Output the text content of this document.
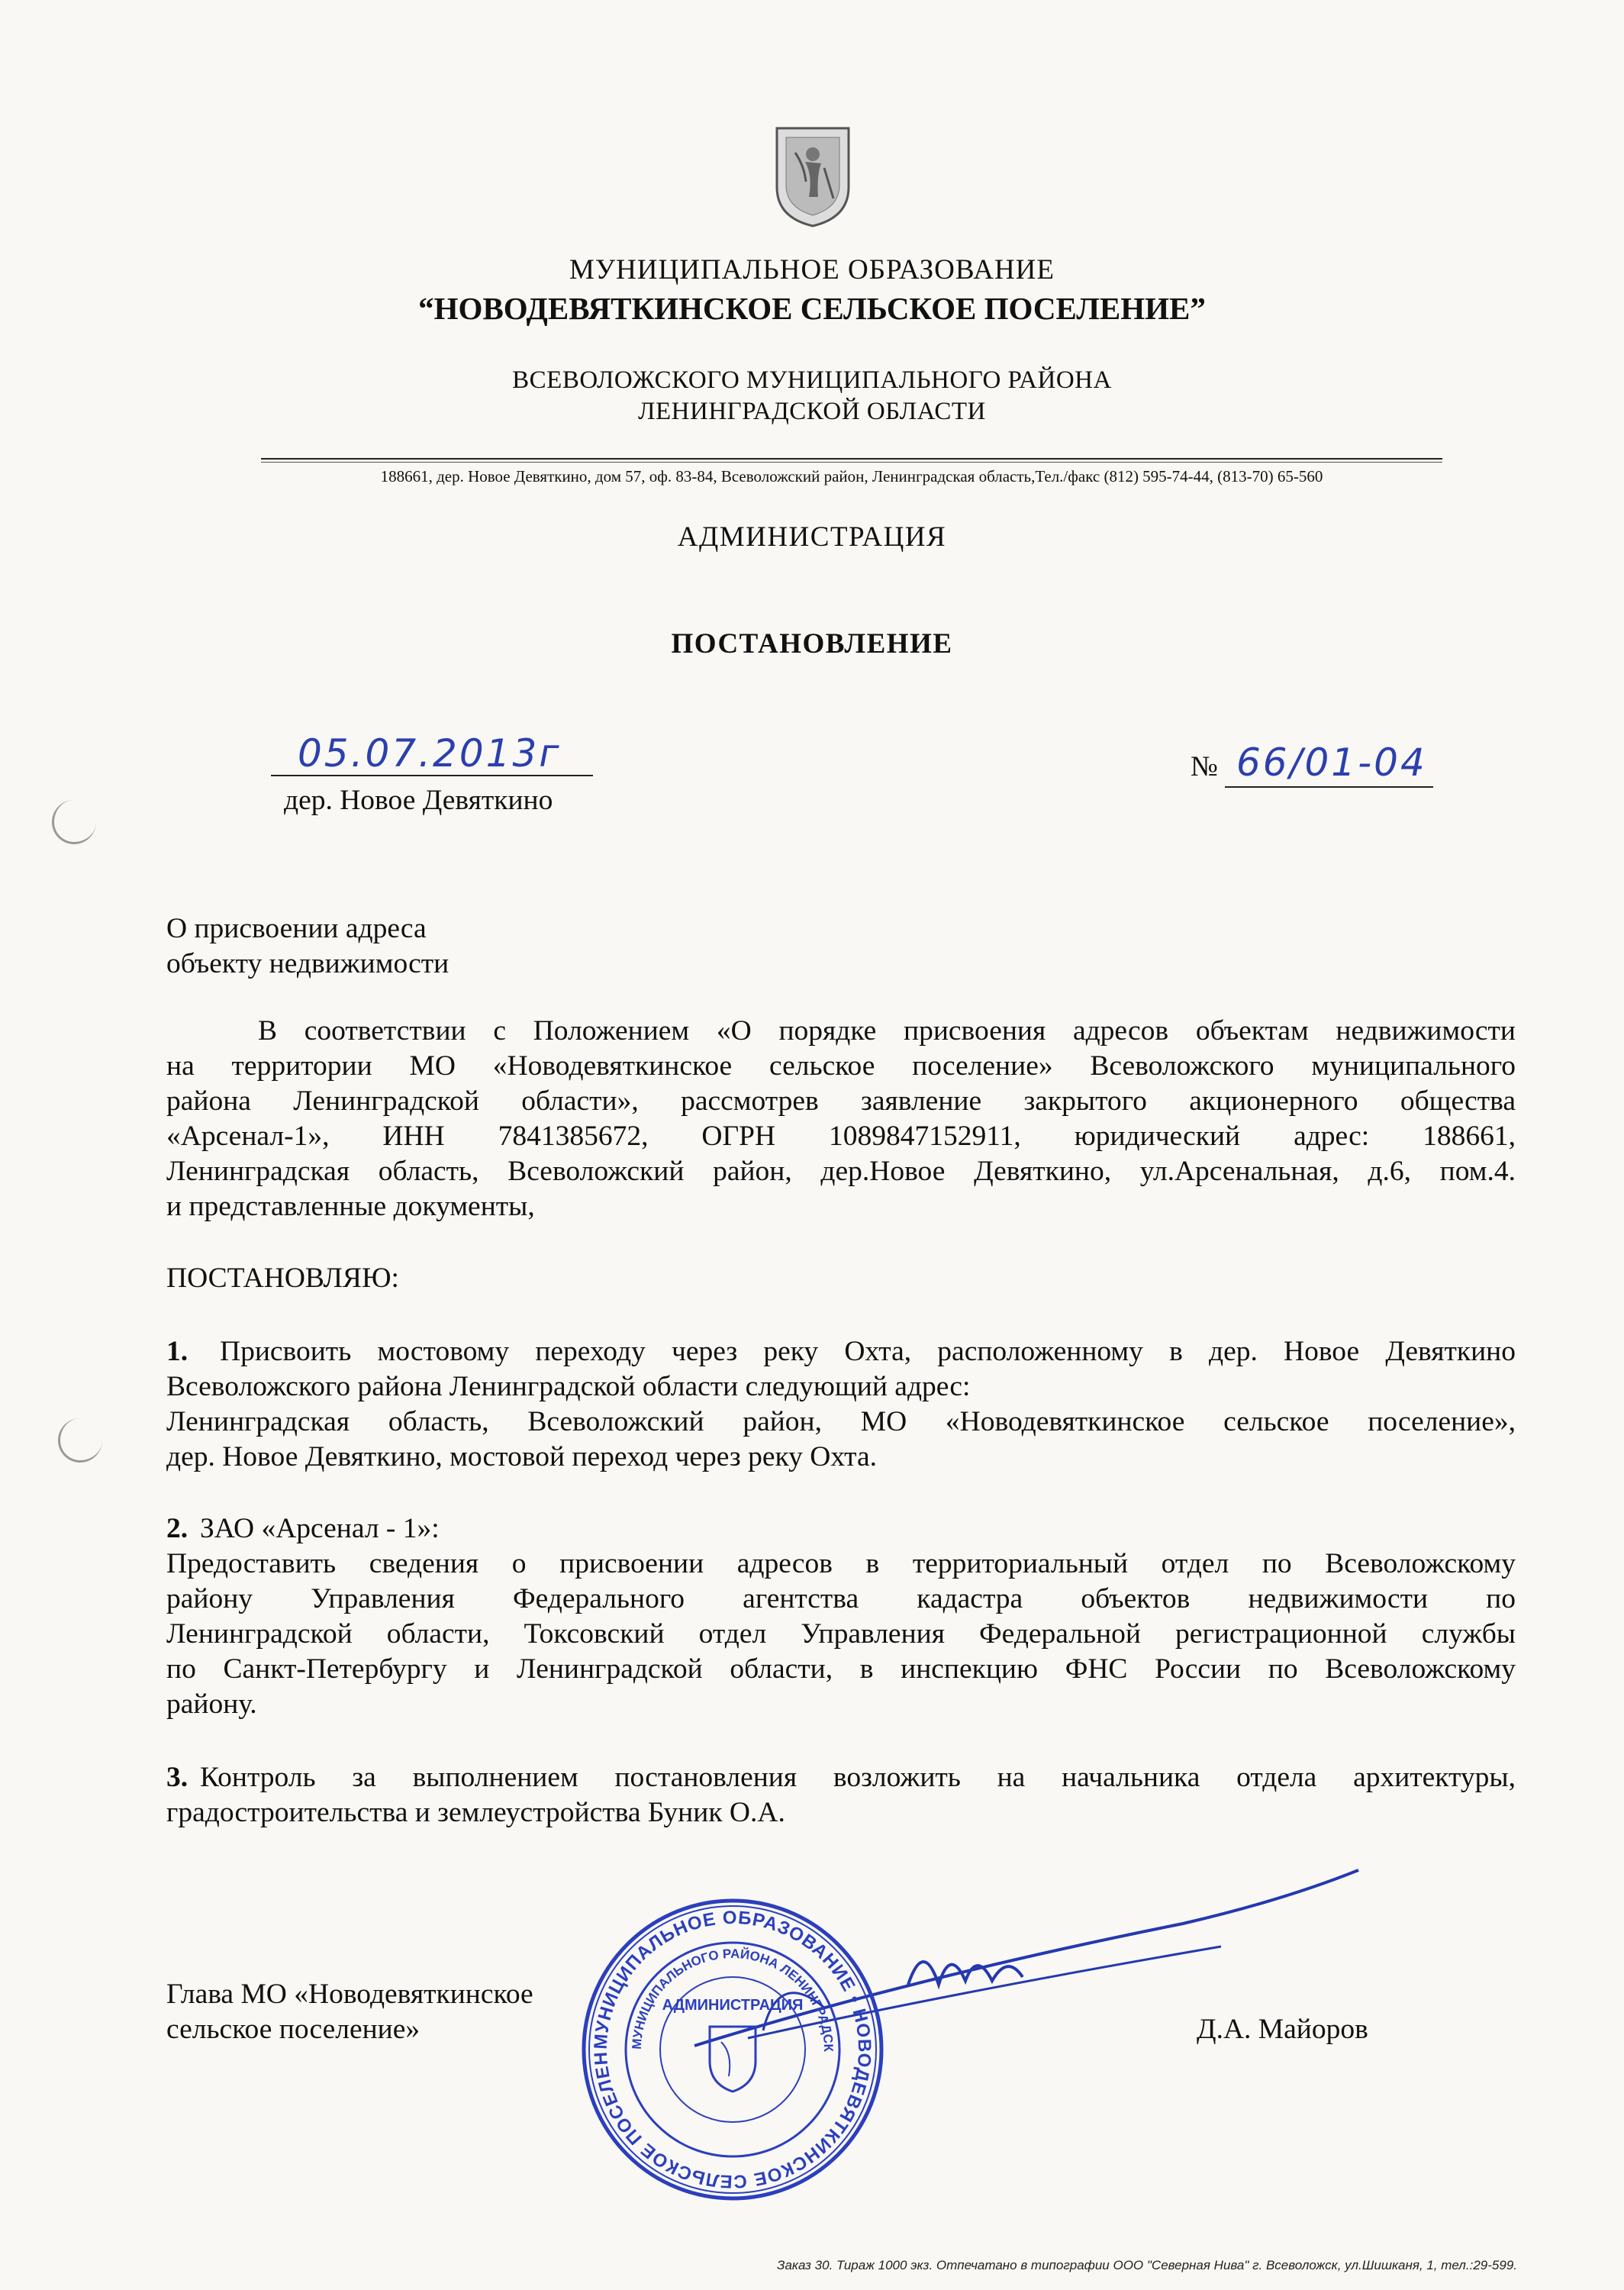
МУНИЦИПАЛЬНОЕ ОБРАЗОВАНИЕ
“НОВОДЕВЯТКИНСКОЕ СЕЛЬСКОЕ ПОСЕЛЕНИЕ”
ВСЕВОЛОЖСКОГО МУНИЦИПАЛЬНОГО РАЙОНА
ЛЕНИНГРАДСКОЙ ОБЛАСТИ
188661, дер. Новое Девяткино, дом 57, оф. 83-84, Всеволожский район, Ленинградская область,Тел./факс (812) 595-74-44, (813-70) 65-560
АДМИНИСТРАЦИЯ
ПОСТАНОВЛЕНИЕ
05.07.2013г
дер. Новое Девяткино
№ 66/01-04
О присвоении адреса
объекту недвижимости
В соответствии с Положением «О порядке присвоения адресов объектам недвижимости
на территории МО «Новодевяткинское сельское поселение» Всеволожского муниципального
района Ленинградской области», рассмотрев заявление закрытого акционерного общества
«Арсенал-1», ИНН 7841385672, ОГРН 1089847152911, юридический адрес: 188661,
Ленинградская область, Всеволожский район, дер.Новое Девяткино, ул.Арсенальная, д.6, пом.4.
и представленные документы,
ПОСТАНОВЛЯЮ:
1. Присвоить мостовому переходу через реку Охта, расположенному в дер. Новое Девяткино
Всеволожского района Ленинградской области следующий адрес:
Ленинградская область, Всеволожский район, МО «Новодевяткинское сельское поселение»,
дер. Новое Девяткино, мостовой переход через реку Охта.
2. ЗАО «Арсенал - 1»:
Предоставить сведения о присвоении адресов в территориальный отдел по Всеволожскому
району Управления Федерального агентства кадастра объектов недвижимости по
Ленинградской области, Токсовский отдел Управления Федеральной регистрационной службы
по Санкт-Петербургу и Ленинградской области, в инспекцию ФНС России по Всеволожскому
району.
3. Контроль за выполнением постановления возложить на начальника отдела архитектуры,
градостроительства и землеустройства Буник О.А.
Глава МО «Новодевяткинское
сельское поселение»	Д.А. Майоров
МУНИЦИПАЛЬНОЕ ОБРАЗОВАНИЕ • НОВОДЕВЯТКИНСКОЕ СЕЛЬСКОЕ ПОСЕЛЕН
МУНИЦИПАЛЬНОГО РАЙОНА ЛЕНИНГРАДСК
АДМИНИСТРАЦИЯ
Заказ 30. Тираж 1000 экз. Отпечатано в типографии ООО "Северная Нива" г. Всеволожск, ул.Шишканя, 1, тел.:29-599.
